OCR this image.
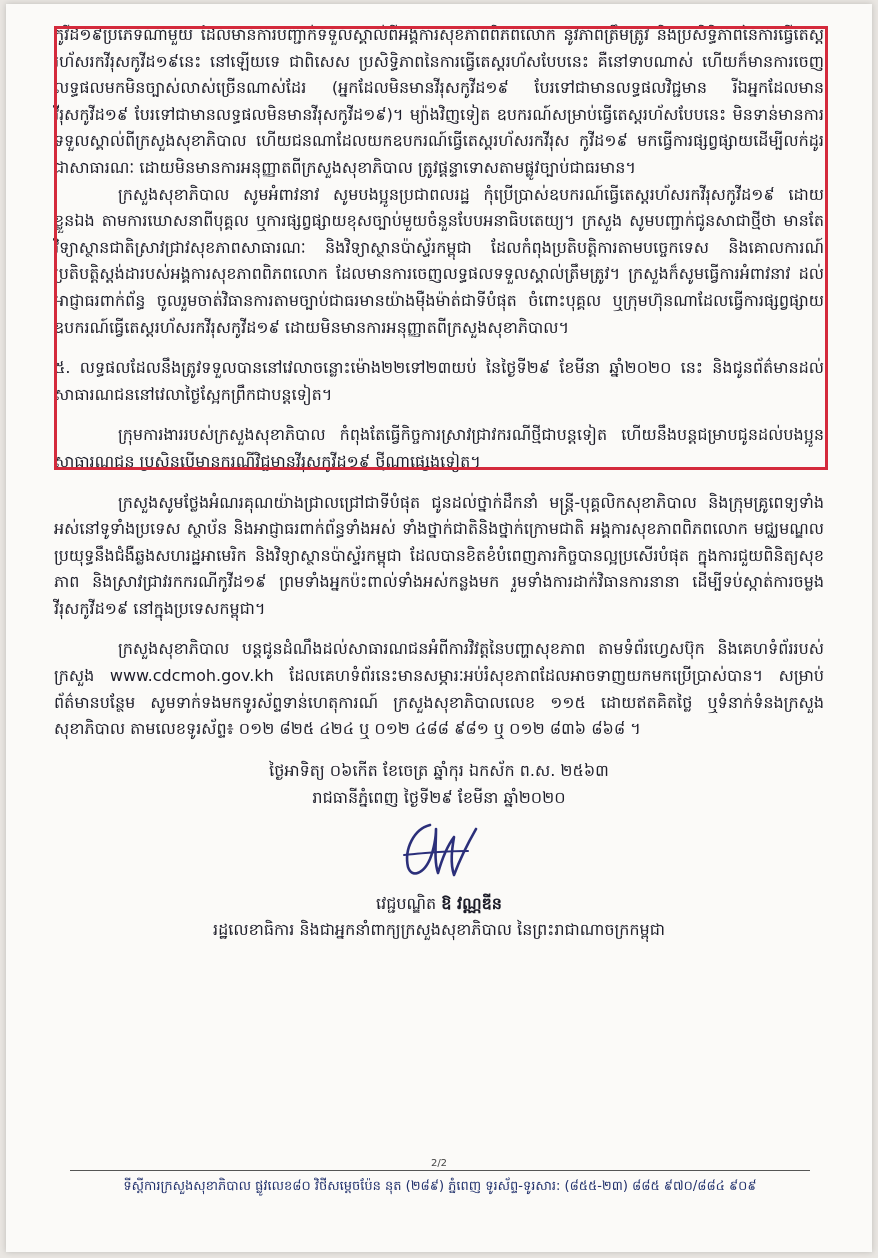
កូវីដ១៩ប្រភេទណាមួយ ដែលមានការបញ្ជាក់ទទួលស្គាល់ពីអង្គការសុខភាពពិភពលោក នូវភាពត្រឹមត្រូវ និងប្រសិទ្ធិភាពនៃការធ្វើតេស្តរហ័សរកវីរុសកូវីដ១៩នេះ នៅឡើយទេ ជាពិសេស ប្រសិទ្ធិភាពនៃការធ្វើតេស្តរហ័សបែបនេះ គឺនៅទាបណាស់ ហើយក៏មានការចេញលទ្ធផលមកមិនច្បាស់លាស់ច្រើនណាស់ដែរ (អ្នកដែលមិនមានវីរុសកូវីដ១៩ បែរទៅជាមានលទ្ធផលវិជ្ជមាន រីឯអ្នកដែលមានវីរុសកូវីដ១៩ បែរទៅជាមានលទ្ធផលមិនមានវីរុសកូវីដ១៩)។ ម្យ៉ាងវិញទៀត ឧបករណ៍សម្រាប់ធ្វើតេស្តរហ័សបែបនេះ មិនទាន់មានការទទួលស្គាល់ពីក្រសួងសុខាភិបាល ហើយជនណាដែលយកឧបករណ៍ធ្វើតេស្តរហ័សរកវីរុស កូវីដ១៩ មកធ្វើការផ្សព្វផ្សាយដើម្បីលក់ដូរជាសាធារណៈ ដោយមិនមានការអនុញ្ញាតពីក្រសួងសុខាភិបាល ត្រូវផ្តន្ទាទោសតាមផ្លូវច្បាប់ជាធរមាន។

ក្រសួងសុខាភិបាល សូមអំពាវនាវ សូមបងប្អូនប្រជាពលរដ្ឋ កុំប្រើប្រាស់ឧបករណ៍ធ្វើតេស្តរហ័សរកវីរុសកូវីដ១៩ ដោយខ្លួនឯង តាមការឃោសនាពីបុគ្គល ឬការផ្សព្វផ្សាយខុសច្បាប់មួយចំនួនបែបអនាធិបតេយ្យ។ ក្រសួង សូមបញ្ជាក់ជូនសាជាថ្មីថា មានតែវិទ្យាស្ថានជាតិស្រាវជ្រាវសុខភាពសាធារណៈ និងវិទ្យាស្ថានប៉ាស្ទ័រកម្ពុជា ដែលកំពុងប្រតិបត្តិការតាមបច្ចេកទេស និងគោលការណ៍ប្រតិបត្តិស្តង់ដារបស់អង្គការសុខភាពពិភពលោក ដែលមានការចេញលទ្ធផលទទួលស្គាល់ត្រឹមត្រូវ។ ក្រសួងក៏សូមធ្វើការអំពាវនាវ ដល់អាជ្ញាធរពាក់ព័ន្ធ ចូលរួមចាត់វិធានការតាមច្បាប់ជាធរមានយ៉ាងម៉ឺងម៉ាត់ជាទីបំផុត ចំពោះបុគ្គល ឬក្រុមហ៊ុនណាដែលធ្វើការផ្សព្វផ្សាយឧបករណ៍ធ្វើតេស្តរហ័សរកវីរុសកូវីដ១៩ ដោយមិនមានការអនុញ្ញាតពីក្រសួងសុខាភិបាល។

៥. លទ្ធផលដែលនឹងត្រូវទទួលបាននៅវេលាចន្លោះម៉ោង២២ទៅ២៣យប់ នៃថ្ងៃទី២៩ ខែមីនា ឆ្នាំ២០២០ នេះ និងជូនព័ត៌មានដល់សាធារណជននៅវេលាថ្ងៃស្អែកព្រឹកជាបន្តទៀត។

ក្រុមការងាររបស់ក្រសួងសុខាភិបាល កំពុងតែធ្វើកិច្ចការស្រាវជ្រាវករណីថ្មីជាបន្តទៀត ហើយនឹងបន្តជម្រាបជូនដល់បងប្អូនសាធារណជន ប្រសិនបើមានករណីវិជ្ជមានវីរុសកូវីដ១៩ ថ្មីណាផ្សេងទៀត។

ក្រសួងសូមថ្លែងអំណរគុណយ៉ាងជ្រាលជ្រៅជាទីបំផុត ជូនដល់ថ្នាក់ដឹកនាំ មន្ត្រី-បុគ្គលិកសុខាភិបាល និងក្រុមគ្រូពេទ្យទាំងអស់នៅទូទាំងប្រទេស ស្ថាប័ន និងអាជ្ញាធរពាក់ព័ន្ធទាំងអស់ ទាំងថ្នាក់ជាតិនិងថ្នាក់ក្រោមជាតិ អង្គការសុខភាពពិភពលោក មជ្ឈមណ្ឌលប្រយុទ្ធនឹងជំងឺឆ្លងសហរដ្ឋអាមេរិក និងវិទ្យាស្ថានប៉ាស្ទ័រកម្ពុជា ដែលបានខិតខំបំពេញភារកិច្ចបានល្អប្រសើរបំផុត ក្នុងការជួយពិនិត្យសុខភាព និងស្រាវជ្រាវរកករណីកូវីដ១៩ ព្រមទាំងអ្នកប៉ះពាល់ទាំងអស់កន្លងមក រួមទាំងការដាក់វិធានការនានា ដើម្បីទប់ស្កាត់ការចម្លងវីរុសកូវីដ១៩ នៅក្នុងប្រទេសកម្ពុជា។

ក្រសួងសុខាភិបាល បន្តជូនដំណឹងដល់សាធារណជនអំពីការវិវត្តនៃបញ្ហាសុខភាព តាមទំព័រហ្វេសប៊ុក និងគេហទំព័ររបស់ក្រសួង www.cdcmoh.gov.kh ដែលគេហទំព័រនេះមានសម្ភារៈអប់រំសុខភាពដែលអាចទាញយកមកប្រើប្រាស់បាន។ សម្រាប់ព័ត៌មានបន្ថែម សូមទាក់ទងមកទូរស័ព្ទទាន់ហេតុការណ៍ ក្រសួងសុខាភិបាលលេខ ១១៥ ដោយឥតគិតថ្លៃ ឬទំនាក់ទំនងក្រសួងសុខាភិបាល តាមលេខទូរស័ព្ទ៖ ០១២ ៨២៥ ៤២៤ ឬ ០១២ ៤៨៨ ៩៨១ ឬ ០១២ ៨៣៦ ៨៦៨ ។

ថ្ងៃអាទិត្យ ០៦កើត ខែចេត្រ ឆ្នាំកុរ ឯកស័ក ព.ស. ២៥៦៣
រាជធានីភ្នំពេញ ថ្ងៃទី២៩ ខែមីនា ឆ្នាំ២០២០
វេជ្ជបណ្ឌិត ឱ វណ្ណឌីន
រដ្ឋលេខាធិការ និងជាអ្នកនាំពាក្យក្រសួងសុខាភិបាល នៃព្រះរាជាណាចក្រកម្ពុជា
2/2
ទីស្តីការក្រសួងសុខាភិបាល ផ្លូវលេខ៨០ វិថីសម្ដេចប៉ែន នុត (២៨៩) ភ្នំពេញ ទូរស័ព្ទ-ទូរសារ: (៨៥៥-២៣) ៨៨៥ ៩៧០/៨៨៤ ៩០៩
